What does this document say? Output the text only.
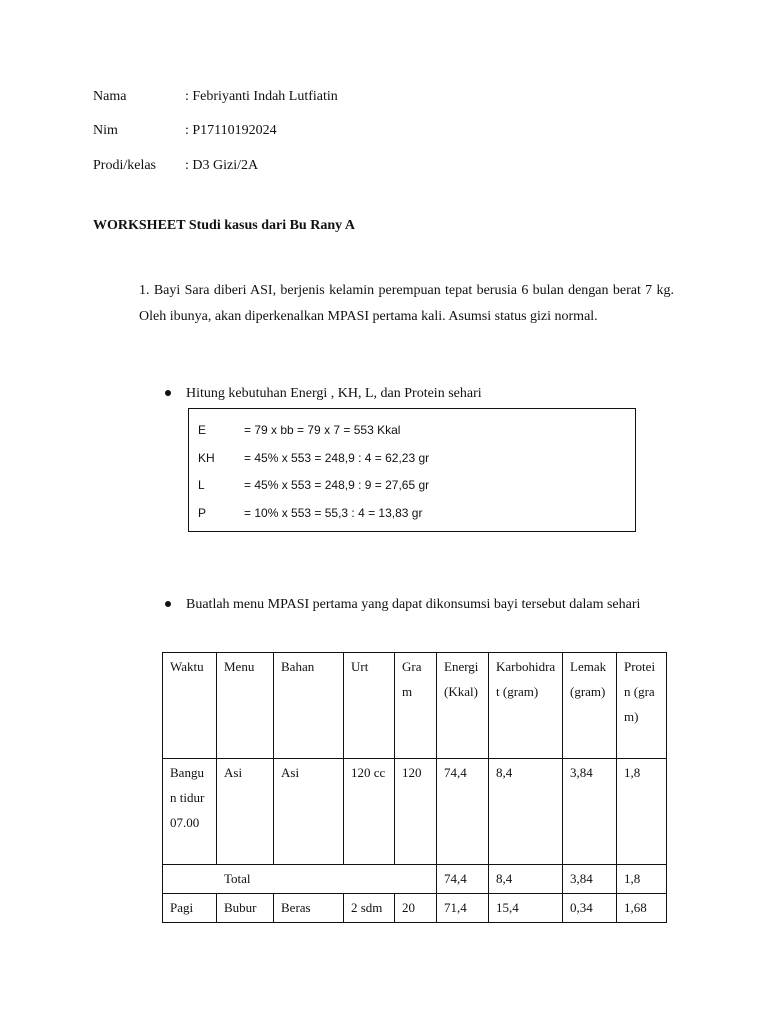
Nama	: Febriyanti Indah Lutfiatin
Nim	: P17110192024
Prodi/kelas : D3 Gizi/2A
WORKSHEET Studi kasus dari Bu Rany A

1. Bayi Sara diberi ASI, berjenis kelamin perempuan tepat berusia 6 bulan dengan berat 7 kg. Oleh ibunya, akan diperkenalkan MPASI pertama kali. Asumsi status gizi normal.

Hitung kebutuhan Energi , KH, L, dan Protein sehari
E	= 79 x bb = 79 x 7 = 553 Kkal
KH = 45% x 553 = 248,9 : 4 = 62,23 gr
L	= 45% x 553 = 248,9 : 9 = 27,65 gr
P	= 10% x 553 = 55,3 : 4 = 13,83 gr
Buatlah menu MPASI pertama yang dapat dikonsumsi bayi tersebut dalam sehari
Waktu	Menu	Bahan	Urt	Gram	Energi (Kkal)	Karbohidrat (gram)	Lemak (gram)	Protein (gram)
Bangun tidur 07.00	Asi	Asi	120 cc	120	74,4	8,4	3,84	1,8
Total					74,4	8,4	3,84	1,8
Pagi	Bubur	Beras	2 sdm	20	71,4	15,4	0,34	1,68
